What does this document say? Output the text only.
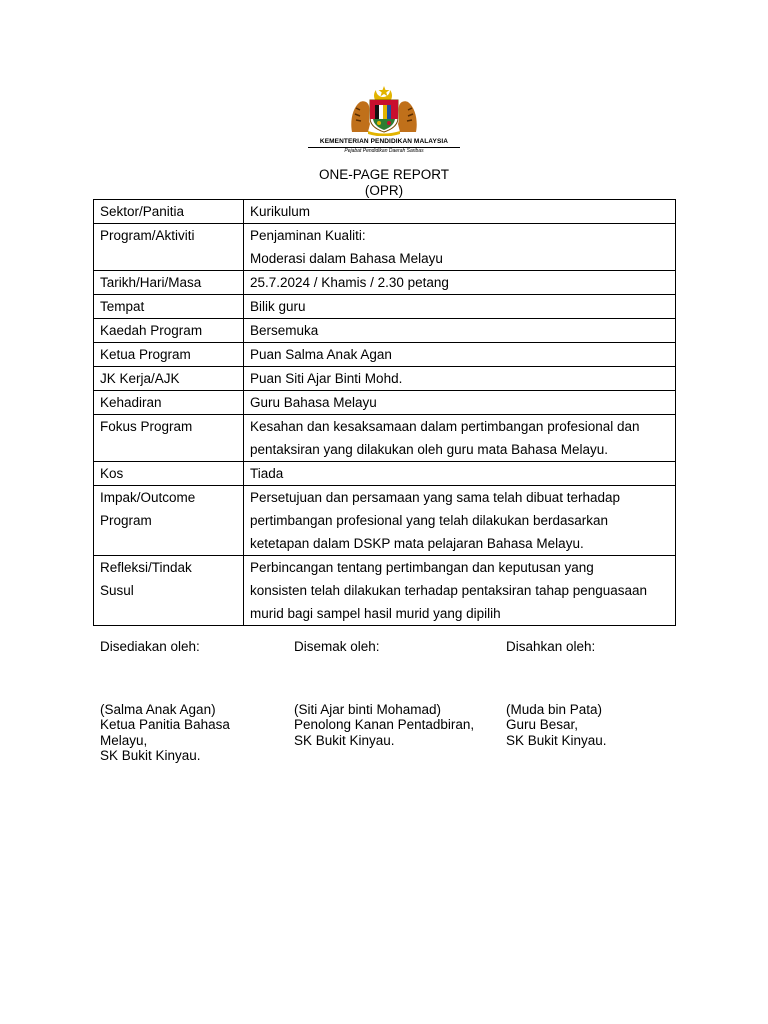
KEMENTERIAN PENDIDIKAN MALAYSIA
Pejabat Pendidikan Daerah Saribas
ONE-PAGE REPORT
(OPR)
Sektor/Panitia	Kurikulum

Program/Aktiviti	Penjaminan Kualiti:
Moderasi dalam Bahasa Melayu

Tarikh/Hari/Masa	25.7.2024 / Khamis / 2.30 petang

Tempat	Bilik guru

Kaedah Program	Bersemuka

Ketua Program	Puan Salma Anak Agan

JK Kerja/AJK	Puan Siti Ajar Binti Mohd.

Kehadiran	Guru Bahasa Melayu

Fokus Program	Kesahan dan kesaksamaan dalam pertimbangan profesional dan
pentaksiran yang dilakukan oleh guru mata Bahasa Melayu.

Kos	Tiada

Impak/Outcome
Program	Persetujuan dan persamaan yang sama telah dibuat terhadap
pertimbangan profesional yang telah dilakukan berdasarkan
ketetapan dalam DSKP mata pelajaran Bahasa Melayu.

Refleksi/Tindak
Susul	Perbincangan tentang pertimbangan dan keputusan yang
konsisten telah dilakukan terhadap pentaksiran tahap penguasaan
murid bagi sampel hasil murid yang dipilih
Disediakan oleh:
(Salma Anak Agan)
Ketua Panitia Bahasa
Melayu,
SK Bukit Kinyau.
Disemak oleh:
(Siti Ajar binti Mohamad)
Penolong Kanan Pentadbiran,
SK Bukit Kinyau.
Disahkan oleh:
(Muda bin Pata)
Guru Besar,
SK Bukit Kinyau.
